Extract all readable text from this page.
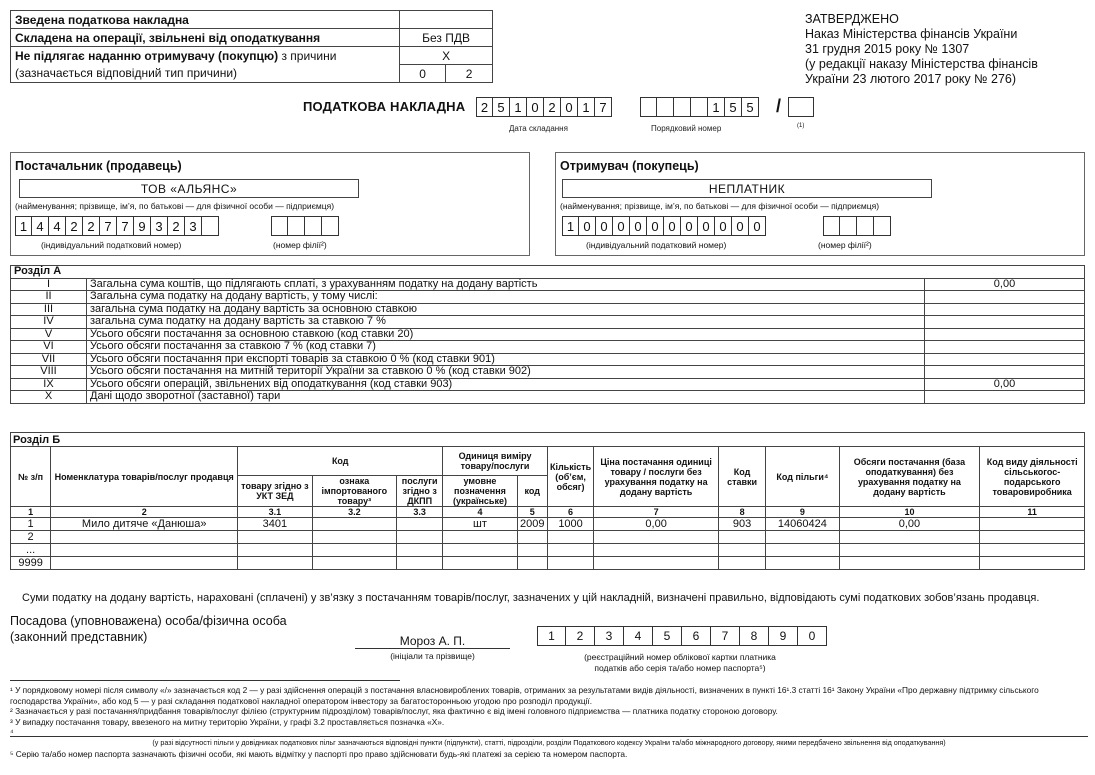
Зведена податкова накладна		
Складена на операції, звільнені від оподаткування	Без ПДВ	
Не підлягає наданню отримувачу (покупцю) з причини	Х	
(зазначається відповідний тип причини)	0	2
ЗАТВЕРДЖЕНО
Наказ Міністерства фінансів України
31 грудня 2015 року № 1307
(у редакції наказу Міністерства фінансів
України 23 лютого 2017 року № 276)
ПОДАТКОВА НАКЛАДНА	2 5 1 0 2 0 1 7
Дата складання
1 5 5
Порядковий номер
/
(1)
Постачальник (продавець)
ТОВ «АЛЬЯНС»
(найменування; прізвище, ім’я, по батькові — для фізичної особи — підприємця)
1 4 4 2 2 7 7 9 3 2 3
(індивідуальний податковий номер)	(номер філії²)
Отримувач (покупець)
НЕПЛАТНИК
(найменування; прізвище, ім’я, по батькові — для фізичної особи — підприємця)
1 0 0 0 0 0 0 0 0 0 0 0
(індивідуальний податковий номер)	(номер філії²)
Розділ А		
I	Загальна сума коштів, що підлягають сплаті, з урахуванням податку на додану вартість	0,00
II	Загальна сума податку на додану вартість, у тому числі:	
III	загальна сума податку на додану вартість за основною ставкою	
IV	загальна сума податку на додану вартість за ставкою 7 %	
V	Усього обсяги постачання за основною ставкою (код ставки 20)	
VI	Усього обсяги постачання за ставкою 7 % (код ставки 7)	
VII	Усього обсяги постачання при експорті товарів за ставкою 0 % (код ставки 901)	
VIII	Усього обсяги постачання на митній території України за ставкою 0 % (код ставки 902)	
IX	Усього обсяги операцій, звільнених від оподаткування (код ставки 903)	0,00
X	Дані щодо зворотної (заставної) тари	
Розділ Б												
№ з/п	Номенклатура товарів/послуг продавця	Код			Одиниця виміру товару/послуги		Кількість (об’єм, обсяг)	Ціна постачання одиниці товару / послуги без урахування податку на додану вартість	Код ставки	Код пільги⁴	Обсяги постачання (база оподаткування) без урахування податку на додану вартість	Код виду діяльності сільськогос-подарського товаровиробника
		товару згідно з УКТ ЗЕД	ознака імпортованого товару³	послуги згідно з ДКПП	умовне позначення (українське)	код						
1	2	3.1	3.2	3.3	4	5	6	7	8	9	10	11
1	Мило дитяче «Данюша»	3401			шт	2009	1000	0,00	903	14060424	0,00	
2												
...												
9999												
Суми податку на додану вартість, нараховані (сплачені) у зв’язку з постачанням товарів/послуг, зазначених у цій накладній, визначені правильно, відповідають сумі податкових зобов’язань продавця.
Посадова (уповноважена) особа/фізична особа
(законний представник)	Мороз А. П.
(ініціали та прізвище)
1	2	3	4	5	6	7	8	9	0
(реєстраційний номер облікової картки платника
податків або серія та/або номер паспорта⁵)
¹ У порядковому номері після символу «/» зазначається код 2 — у разі здійснення операцій з постачання власновироблених товарів, отриманих за результатами видів діяльності, визначених в пункті 16¹.3 статті 16¹ Закону України «Про державну підтримку сільського господарства України», або код 5 — у разі складання податкової накладної оператором інвестору за багатосторонньою угодою про розподіл продукції.
² Зазначається у разі постачання/придбання товарів/послуг філією (структурним підрозділом) товарів/послуг, яка фактично є від імені головного підприємства — платника податку стороною договору.
³ У випадку постачання товару, ввезеного на митну територію України, у графі 3.2 проставляється позначка «Х».
⁴
(у разі відсутності пільги у довідниках податкових пільг зазначаються відповідні пункти (підпункти), статті, підрозділи, розділи Податкового кодексу України та/або міжнародного договору, якими передбачено звільнення від оподаткування)
⁵ Серію та/або номер паспорта зазначають фізичні особи, які мають відмітку у паспорті про право здійснювати будь-які платежі за серією та номером паспорта.
